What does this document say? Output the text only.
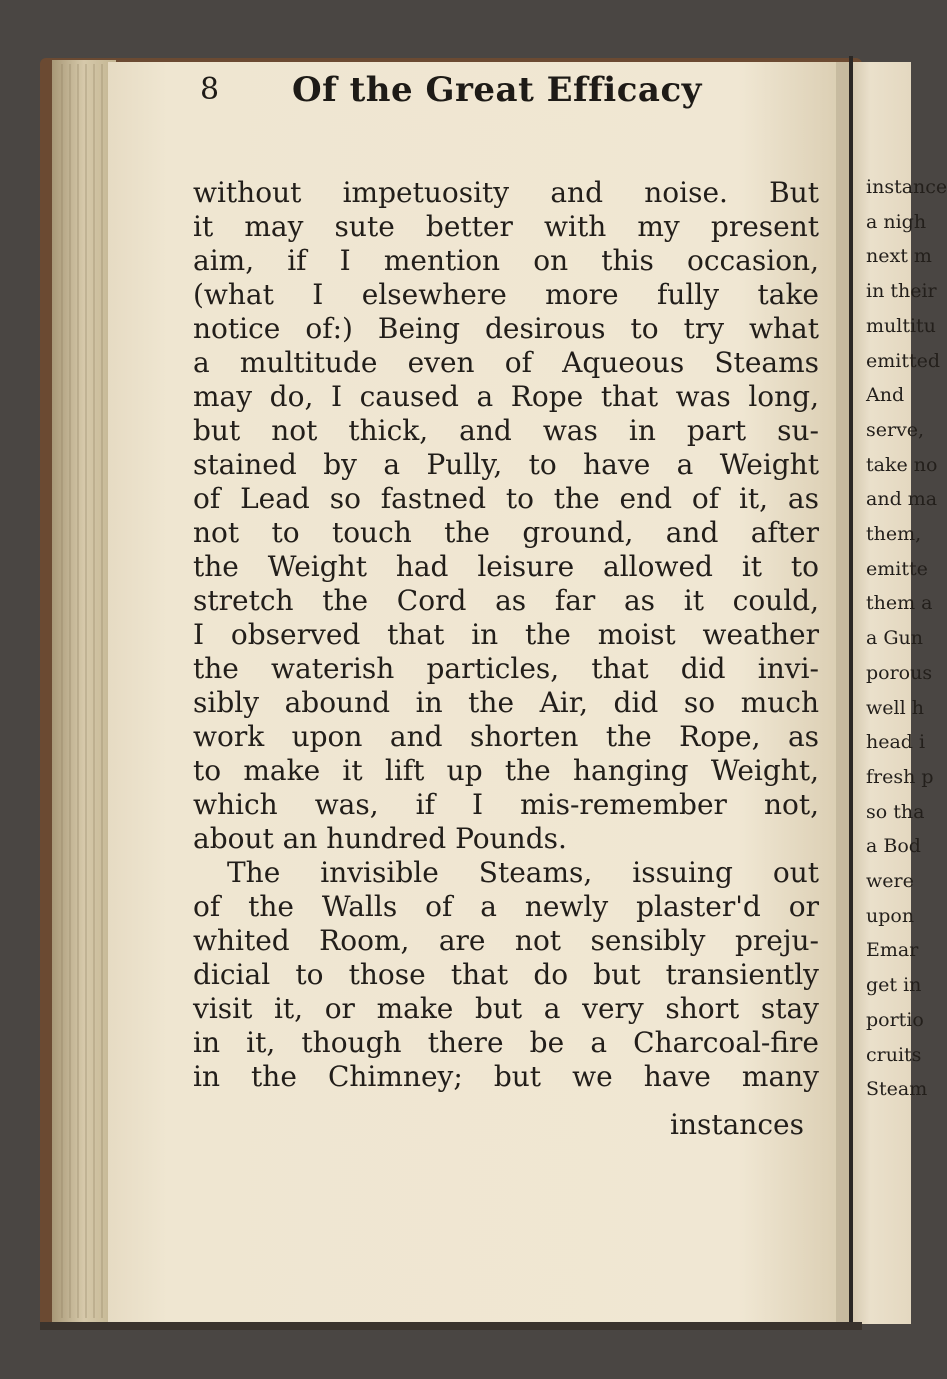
8 Of the Great Efficacy
without impetuosity and noise. But
it may sute better with my present
aim, if I mention on this occasion,
(what I elsewhere more fully take
notice of:) Being desirous to try what
a multitude even of Aqueous Steams
may do, I caused a Rope that was long,
but not thick, and was in part su-
stained by a Pully, to have a Weight
of Lead so fastned to the end of it, as
not to touch the ground, and after
the Weight had leisure allowed it to
stretch the Cord as far as it could,
I observed that in the moist weather
the waterish particles, that did invi-
sibly abound in the Air, did so much
work upon and shorten the Rope, as
to make it lift up the hanging Weight,
which was, if I mis-remember not,
about an hundred Pounds.
The invisible Steams, issuing out
of the Walls of a newly plaster'd or
whited Room, are not sensibly preju-
dicial to those that do but transiently
visit it, or make but a very short stay
in it, though there be a Charcoal-fire
in the Chimney; but we have many
instances
instance
a nigh
next m
in their
multitu
emitted
And
serve,
take no
and ma
them,
emitte
them a
a Gun
porous
well h
head i
fresh p
so tha
a Bod
were
upon
Emar
get in
portio
cruits
Steam
